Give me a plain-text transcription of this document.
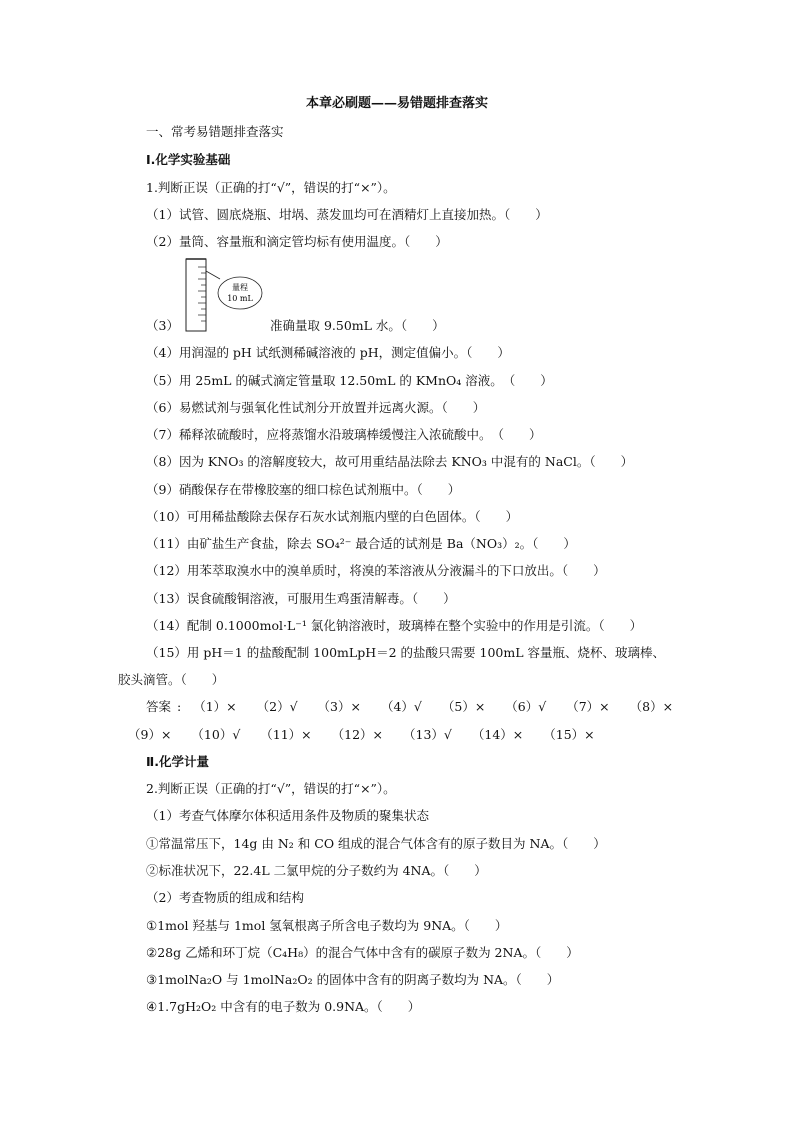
本章必刷题——易错题排查落实
一、常考易错题排查落实
Ⅰ.化学实验基础
1.判断正误（正确的打“√”，错误的打“×”）。
（1）试管、圆底烧瓶、坩埚、蒸发皿均可在酒精灯上直接加热。（　　）
（2）量筒、容量瓶和滴定管均标有使用温度。（　　）
量程
10 mL
（3）	准确量取 9.50mL 水。（　　）
（4）用润湿的 pH 试纸测稀碱溶液的 pH，测定值偏小。（　　）
（5）用 25mL 的碱式滴定管量取 12.50mL 的 KMnO₄ 溶液。　（　　）
（6）易燃试剂与强氧化性试剂分开放置并远离火源。（　　）
（7）稀释浓硫酸时，应将蒸馏水沿玻璃棒缓慢注入浓硫酸中。　（　　）
（8）因为 KNO₃ 的溶解度较大，故可用重结晶法除去 KNO₃ 中混有的 NaCl。（　　）
（9）硝酸保存在带橡胶塞的细口棕色试剂瓶中。（　　）
（10）可用稀盐酸除去保存石灰水试剂瓶内壁的白色固体。（　　）
（11）由矿盐生产食盐，除去 SO₄²⁻ 最合适的试剂是 Ba（NO₃）₂。（　　）
（12）用苯萃取溴水中的溴单质时，将溴的苯溶液从分液漏斗的下口放出。（　　）
（13）误食硫酸铜溶液，可服用生鸡蛋清解毒。（　　）
（14）配制 0.1000mol·L⁻¹ 氯化钠溶液时，玻璃棒在整个实验中的作用是引流。（　　）
（15）用 pH＝1 的盐酸配制 100mLpH＝2 的盐酸只需要 100mL 容量瓶、烧杯、玻璃棒、
胶头滴管。（　　）
答案 : （1）× （2）√ （3）× （4）√ （5）× （6）√ （7）× （8）×
（9）× （10）√ （11）× （12）× （13）√ （14）× （15）×
Ⅱ.化学计量
2.判断正误（正确的打“√”，错误的打“×”）。
（1）考查气体摩尔体积适用条件及物质的聚集状态
①常温常压下，14g 由 N₂ 和 CO 组成的混合气体含有的原子数目为 NA。（　　）
②标准状况下，22.4L 二氯甲烷的分子数约为 4NA。（　　）
（2）考查物质的组成和结构
①1mol 羟基与 1mol 氢氧根离子所含电子数均为 9NA。（　　）
②28g 乙烯和环丁烷（C₄H₈）的混合气体中含有的碳原子数为 2NA。（　　）
③1molNa₂O 与 1molNa₂O₂ 的固体中含有的阴离子数均为 NA。（　　）
④1.7gH₂O₂ 中含有的电子数为 0.9NA。（　　）
